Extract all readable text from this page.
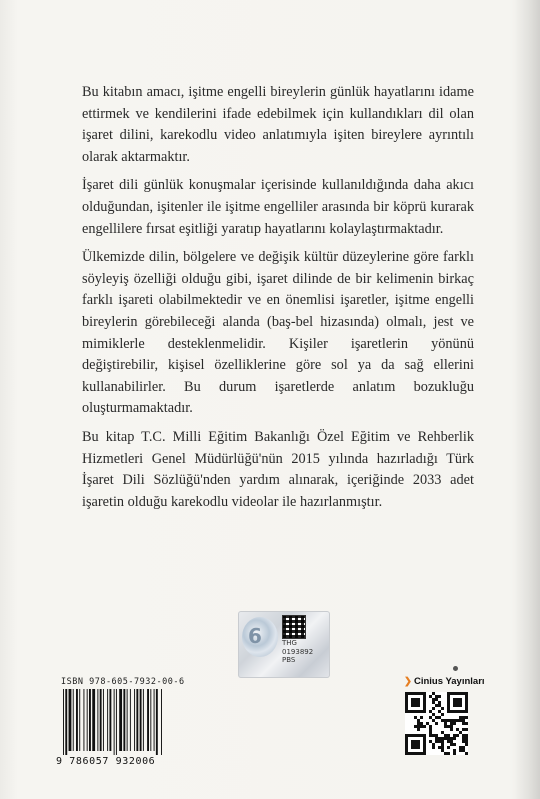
Bu kitabın amacı, işitme engelli bireylerin günlük hayatlarını idame ettirmek ve kendilerini ifade edebilmek için kullandıkları dil olan işaret dilini, karekodlu video anlatımıyla işiten bireylere ayrıntılı olarak aktarmaktır.

İşaret dili günlük konuşmalar içerisinde kullanıldığında daha akıcı olduğundan, işitenler ile işitme engelliler arasında bir köprü kurarak engellilere fırsat eşitliği yaratıp hayatlarını kolaylaştırmaktadır.

Ülkemizde dilin, bölgelere ve değişik kültür düzeylerine göre farklı söyleyiş özelliği olduğu gibi, işaret dilinde de bir kelimenin birkaç farklı işareti olabilmektedir ve en önemlisi işaretler, işitme engelli bireylerin görebileceği alanda (baş-bel hizasında) olmalı, jest ve mimiklerle desteklenmelidir. Kişiler işaretlerin yönünü değiştirebilir, kişisel özelliklerine göre sol ya da sağ ellerini kullanabilirler. Bu durum işaretlerde anlatım bozukluğu oluşturmamaktadır.

Bu kitap T.C. Milli Eğitim Bakanlığı Özel Eğitim ve Rehberlik Hizmetleri Genel Müdürlüğü'nün 2015 yılında hazırladığı Türk İşaret Dili Sözlüğü'nden yardım alınarak, içeriğinde 2033 adet işaretin olduğu karekodlu videolar ile hazırlanmıştır.

6	THG
0193892
PBS
ISBN 978-605-7932-00-6
9 786057 932006
❯ Cinius Yayınları
